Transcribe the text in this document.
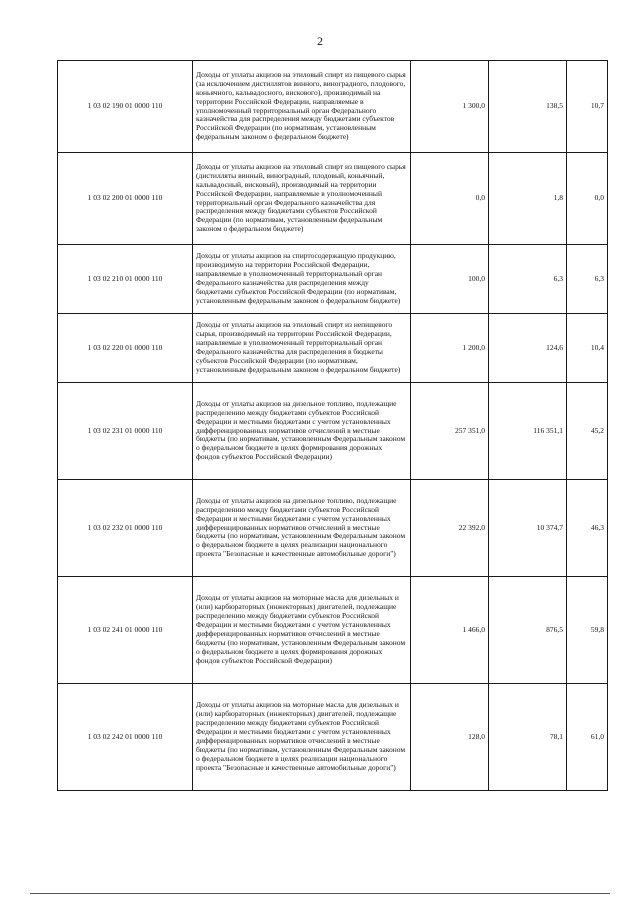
2
1 03 02 190 01 0000 110	Доходы от уплаты акцизов на этиловый спирт из пищевого сырья (за исключением дистиллятов винного, виноградного, плодового, коньячного, кальвадосного, вискового), производимый на территории Российской Федерации, направляемые в уполномоченный территориальный орган Федерального казначейства для распределения между бюджетами субъектов Российской Федерации (по нормативам, установленным федеральным законом о федеральном бюджете)	1 300,0	138,5	10,7
1 03 02 200 01 0000 110	Доходы от уплаты акцизов на этиловый спирт из пищевого сырья (дистилляты винный, виноградный, плодовый, коньячный, кальвадосный, висковый), производимый на территории Российской Федерации, направляемые в уполномоченный территориальный орган Федерального казначейства для распределения между бюджетами субъектов Российской Федерации (по нормативам, установленным федеральным законом о федеральном бюджете)	0,0	1,8	0,0
1 03 02 210 01 0000 110	Доходы от уплаты акцизов на спиртосодержащую продукцию, производимую на территории Российской Федерации, направляемые в уполномоченный территориальный орган Федерального казначейства для распределения между бюджетами субъектов Российской Федерации (по нормативам, установленным федеральным законом о федеральном бюджете)	100,0	6,3	6,3
1 03 02 220 01 0000 110	Доходы от уплаты акцизов на этиловый спирт из непищевого сырья, производимый на территории Российской Федерации, направляемые в уполномоченный территориальный орган Федерального казначейства для распределения в бюджеты субъектов Российской Федерации (по нормативам, установленным федеральным законом о федеральном бюджете)	1 200,0	124,6	10,4
1 03 02 231 01 0000 110	Доходы от уплаты акцизов на дизельное топливо, подлежащие распределению между бюджетами субъектов Российской Федерации и местными бюджетами с учетом установленных дифференцированных нормативов отчислений в местные бюджеты (по нормативам, установленным Федеральным законом о федеральном бюджете в целях формирования дорожных фондов субъектов Российской Федерации)	257 351,0	116 351,1	45,2
1 03 02 232 01 0000 110	Доходы от уплаты акцизов на дизельное топливо, подлежащие распределению между бюджетами субъектов Российской Федерации и местными бюджетами с учетом установленных дифференцированных нормативов отчислений в местные бюджеты (по нормативам, установленным Федеральным законом о федеральном бюджете в целях реализации национального проекта "Безопасные и качественные автомобильные дороги")	22 392,0	10 374,7	46,3
1 03 02 241 01 0000 110	Доходы от уплаты акцизов на моторные масла для дизельных и (или) карбюраторных (инжекторных) двигателей, подлежащие распределению между бюджетами субъектов Российской Федерации и местными бюджетами с учетом установленных дифференцированных нормативов отчислений в местные бюджеты (по нормативам, установленным Федеральным законом о федеральном бюджете в целях формирования дорожных фондов субъектов Российской Федерации)	1 466,0	876,5	59,8
1 03 02 242 01 0000 110	Доходы от уплаты акцизов на моторные масла для дизельных и (или) карбюраторных (инжекторных) двигателей, подлежащие распределению между бюджетами субъектов Российской Федерации и местными бюджетами с учетом установленных дифференцированных нормативов отчислений в местные бюджеты (по нормативам, установленным Федеральным законом о федеральном бюджете в целях реализации национального проекта "Безопасные и качественные автомобильные дороги")	128,0	78,1	61,0
